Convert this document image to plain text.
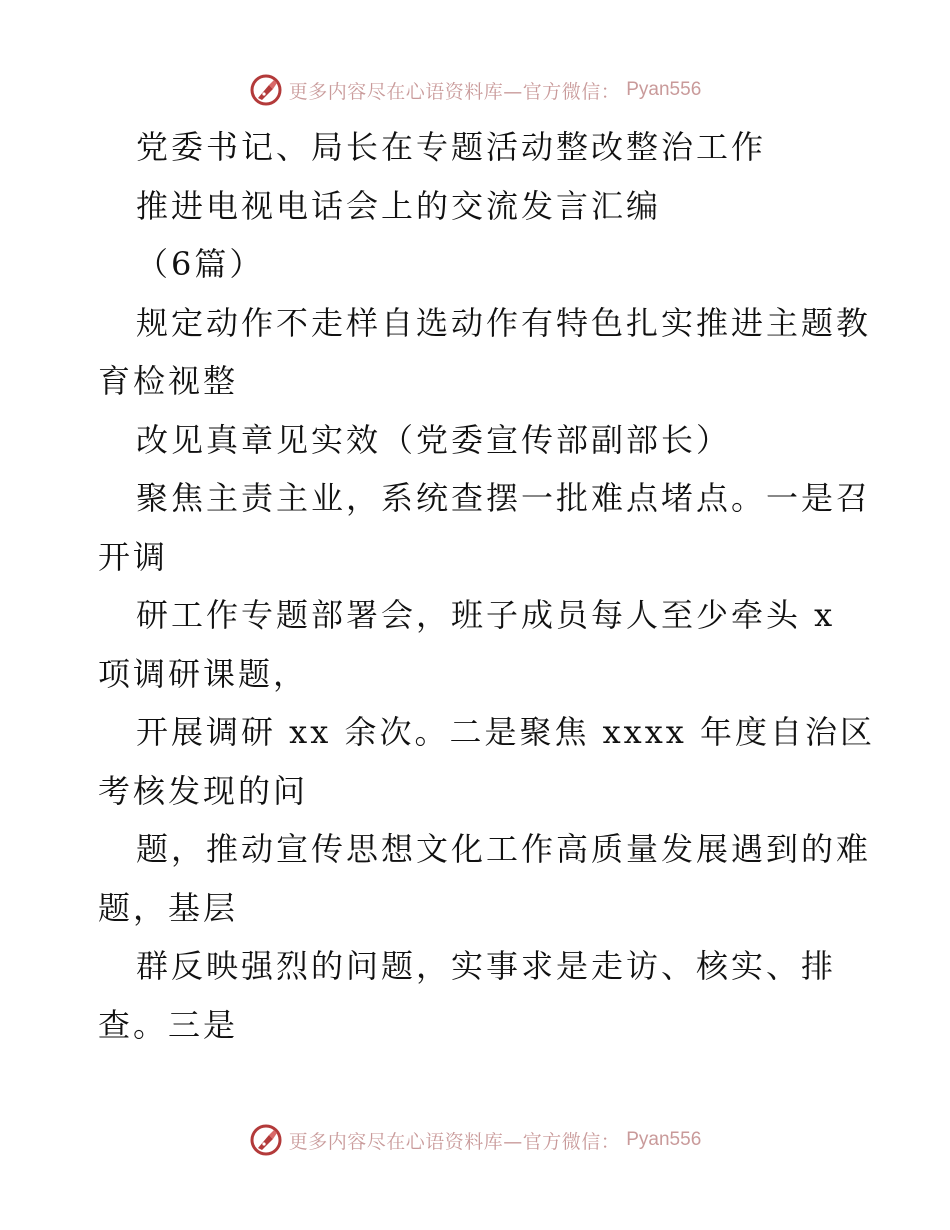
更多内容尽在心语资料库—官方微信： Pyan556
党委书记、局长在专题活动整改整治工作
推进电视电话会上的交流发言汇编
（6篇）
规定动作不走样自选动作有特色扎实推进主题教
育检视整
改见真章见实效（党委宣传部副部长）
聚焦主责主业，系统查摆一批难点堵点。一是召
开调
研工作专题部署会，班子成员每人至少牵头 x
项调研课题，
开展调研 xx 余次。二是聚焦 xxxx 年度自治区
考核发现的问
题，推动宣传思想文化工作高质量发展遇到的难
题，基层
群反映强烈的问题，实事求是走访、核实、排
查。三是
更多内容尽在心语资料库—官方微信： Pyan556
